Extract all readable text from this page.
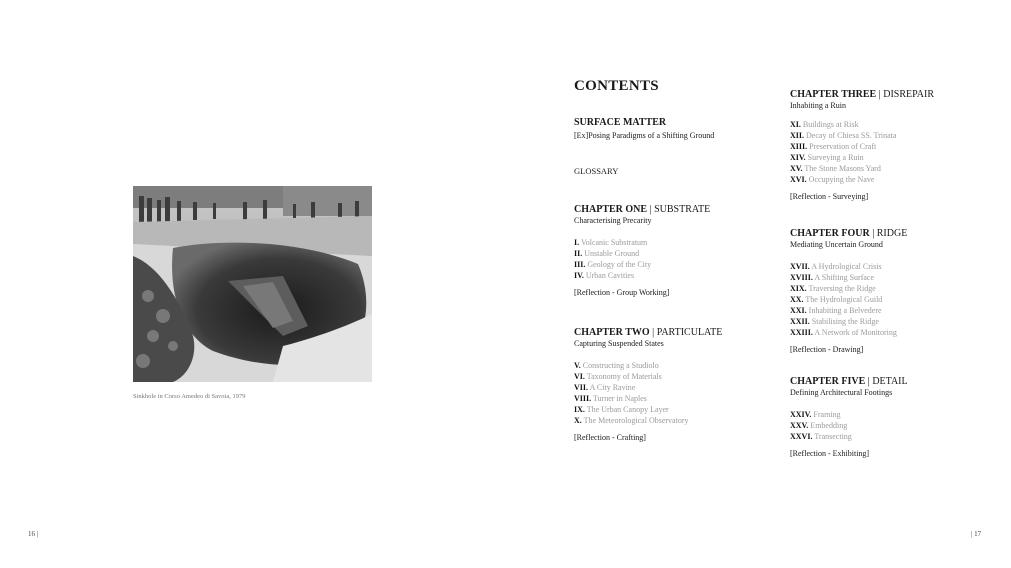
Sinkhole in Corso Amedeo di Savoia, 1979
16 |
CONTENTS
SURFACE MATTER
[Ex]Posing Paradigms of a Shifting Ground
GLOSSARY
CHAPTER ONE | SUBSTRATE
Characterising Precarity
I. Volcanic Substratum
II. Unstable Ground
III. Geology of the City
IV. Urban Cavities
[Reflection - Group Working]
CHAPTER TWO | PARTICULATE
Capturing Suspended States
V. Constructing a Studiolo
VI. Taxonomy of Materials
VII. A City Ravine
VIII. Turner in Naples
IX. The Urban Canopy Layer
X. The Meteorological Observatory
[Reflection - Crafting]
CHAPTER THREE | DISREPAIR
Inhabiting a Ruin
XI. Buildings at Risk
XII. Decay of Chiesa SS. Trinata
XIII. Preservation of Craft
XIV. Surveying a Ruin
XV. The Stone Masons Yard
XVI. Occupying the Nave
[Reflection - Surveying]
CHAPTER FOUR | RIDGE
Mediating Uncertain Ground
XVII. A Hydrological Crisis
XVIII. A Shifting Surface
XIX. Traversing the Ridge
XX. The Hydrological Guild
XXI. Inhabiting a Belvedere
XXII. Stabilising the Ridge
XXIII. A Network of Monitoring
[Reflection - Drawing]
CHAPTER FIVE | DETAIL
Defining Architectural Footings
XXIV. Framing
XXV. Embedding
XXVI. Transecting
[Reflection - Exhibiting]
| 17
